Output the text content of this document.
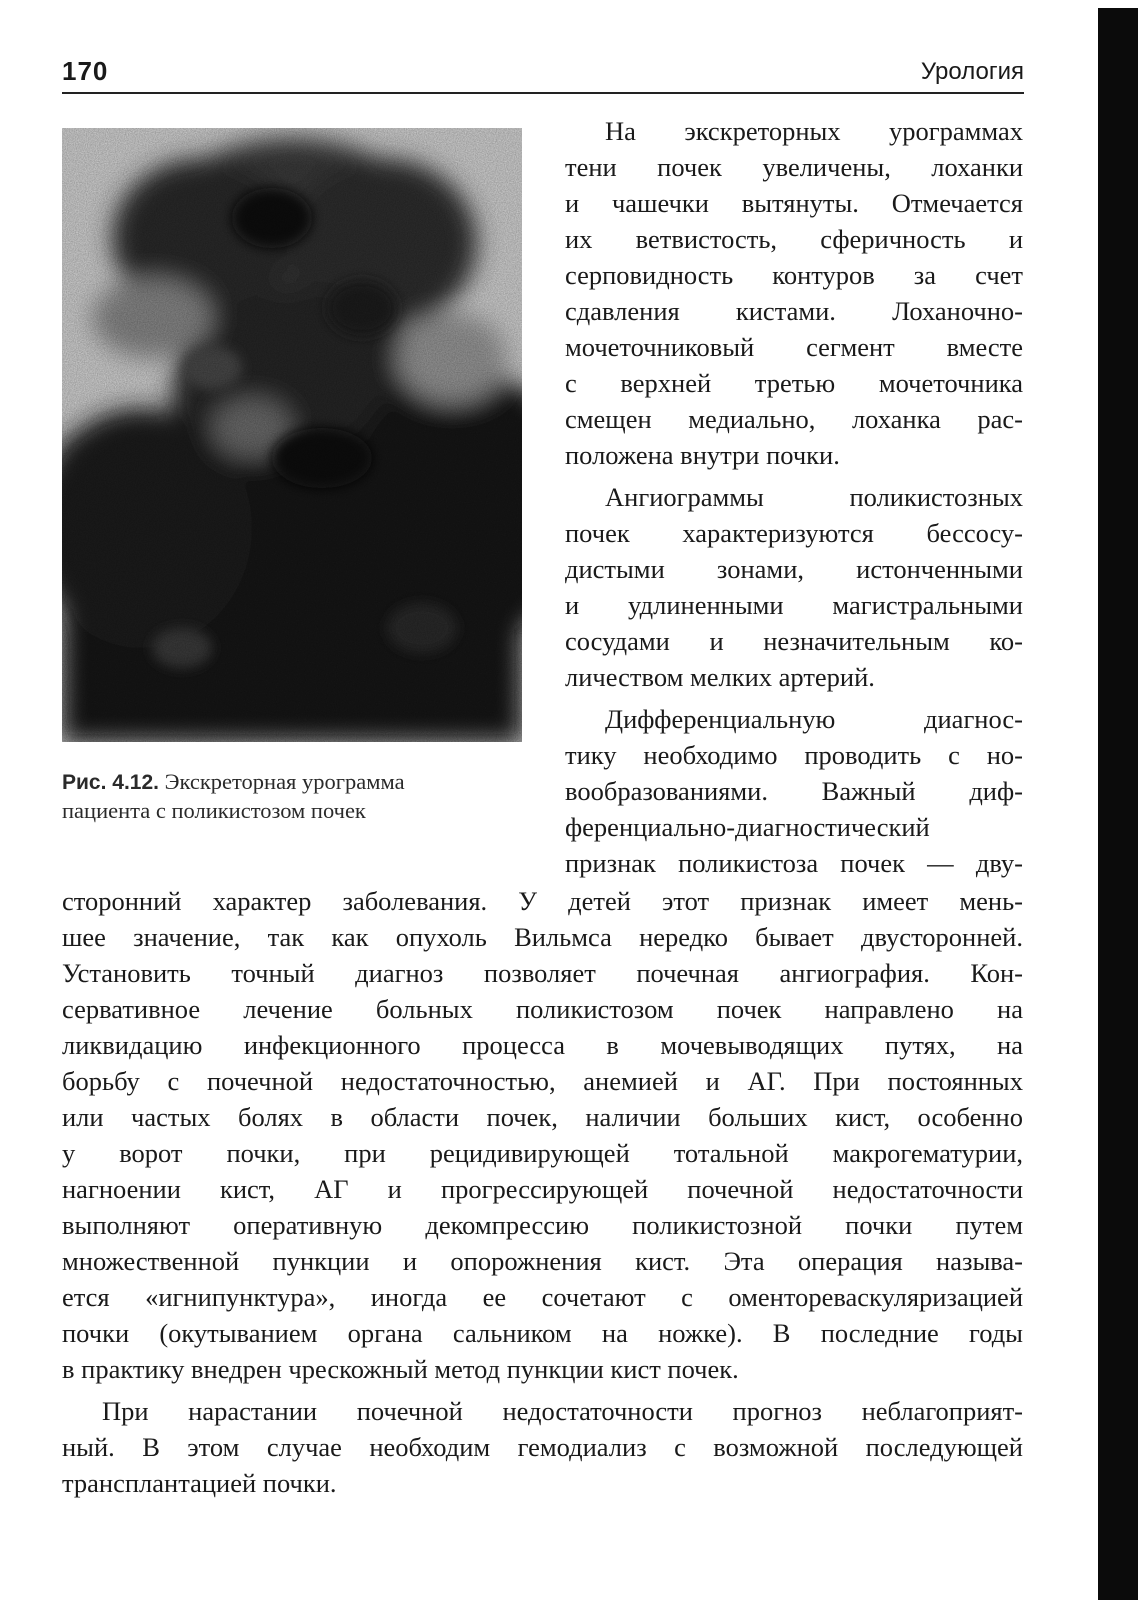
170	Урология
Рис. 4.12. Экскреторная урограмма
пациента с поликистозом почек
На экскреторных урограммах
тени почек увеличены, лоханки
и чашечки вытянуты. Отмечается
их ветвистость, сферичность и
серповидность контуров за счет
сдавления кистами. Лоханочно-
мочеточниковый сегмент вместе
с верхней третью мочеточника
смещен медиально, лоханка рас-
положена внутри почки.
Ангиограммы поликистозных
почек характеризуются бессосу-
дистыми зонами, истонченными
и удлиненными магистральными
сосудами и незначительным ко-
личеством мелких артерий.
Дифференциальную диагнос-
тику необходимо проводить с но-
вообразованиями. Важный диф-
ференциально-диагностический
признак поликистоза почек — дву-
сторонний характер заболевания. У детей этот признак имеет мень-
шее значение, так как опухоль Вильмса нередко бывает двусторонней.
Установить точный диагноз позволяет почечная ангиография. Кон-
сервативное лечение больных поликистозом почек направлено на
ликвидацию инфекционного процесса в мочевыводящих путях, на
борьбу с почечной недостаточностью, анемией и АГ. При постоянных
или частых болях в области почек, наличии больших кист, особенно
у ворот почки, при рецидивирующей тотальной макрогематурии,
нагноении кист, АГ и прогрессирующей почечной недостаточности
выполняют оперативную декомпрессию поликистозной почки путем
множественной пункции и опорожнения кист. Эта операция называ-
ется «игнипунктура», иногда ее сочетают с оментореваскуляризацией
почки (окутыванием органа сальником на ножке). В последние годы
в практику внедрен чрескожный метод пункции кист почек.
При нарастании почечной недостаточности прогноз неблагоприят-
ный. В этом случае необходим гемодиализ с возможной последующей
трансплантацией почки.
